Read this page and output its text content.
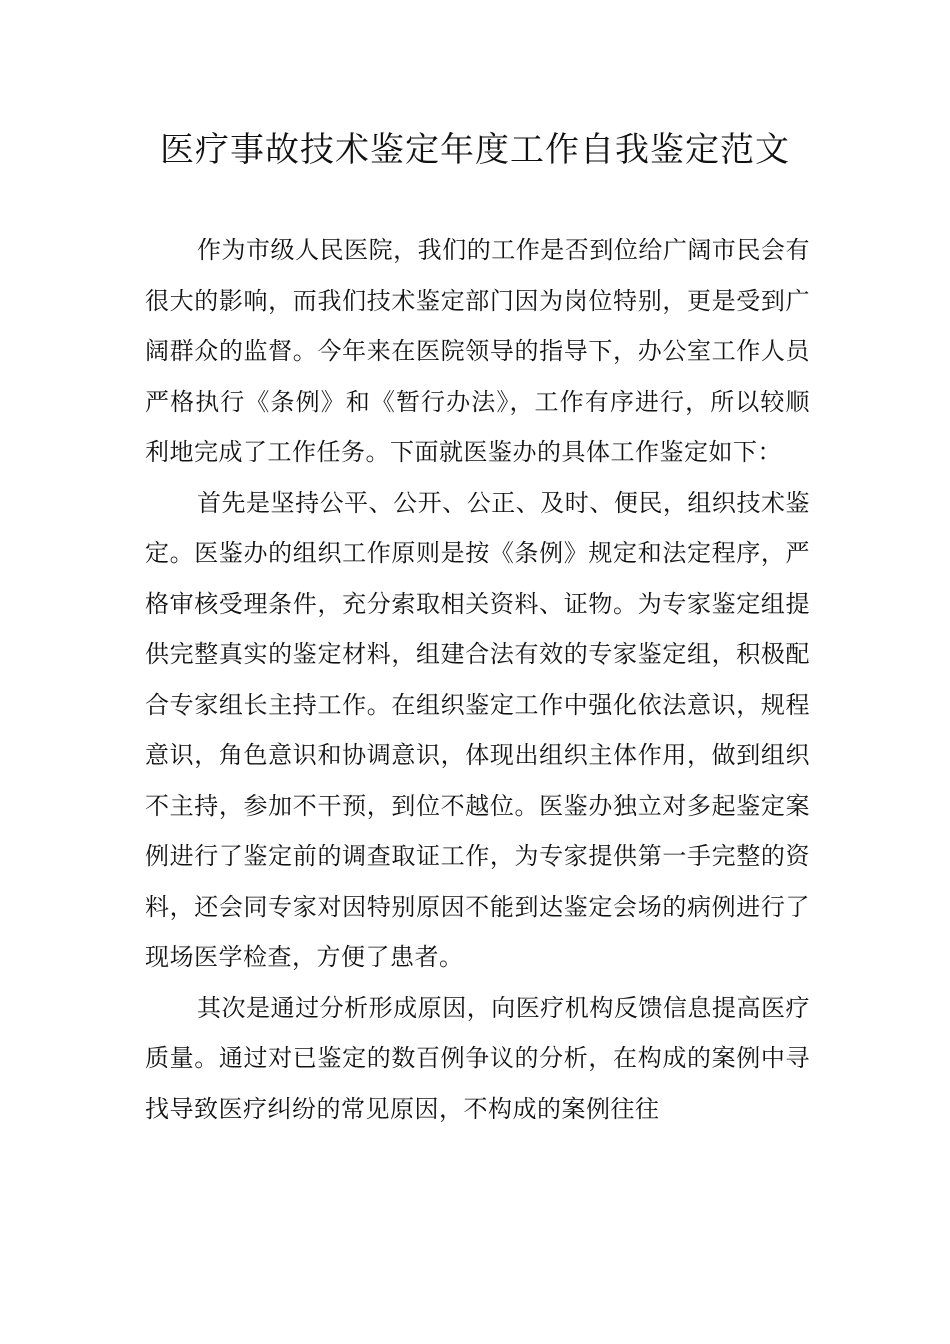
医疗事故技术鉴定年度工作自我鉴定范文

作为市级人民医院，我们的工作是否到位给广阔市民会有很大的影响，而我们技术鉴定部门因为岗位特别，更是受到广阔群众的监督。今年来在医院领导的指导下，办公室工作人员严格执行《条例》和《暂行办法》，工作有序进行，所以较顺利地完成了工作任务。下面就医鉴办的具体工作鉴定如下：

首先是坚持公平、公开、公正、及时、便民，组织技术鉴定。医鉴办的组织工作原则是按《条例》规定和法定程序，严格审核受理条件，充分索取相关资料、证物。为专家鉴定组提供完整真实的鉴定材料，组建合法有效的专家鉴定组，积极配合专家组长主持工作。在组织鉴定工作中强化依法意识，规程意识，角色意识和协调意识，体现出组织主体作用，做到组织不主持，参加不干预，到位不越位。医鉴办独立对多起鉴定案例进行了鉴定前的调查取证工作，为专家提供第一手完整的资料，还会同专家对因特别原因不能到达鉴定会场的病例进行了现场医学检查，方便了患者。

其次是通过分析形成原因，向医疗机构反馈信息提高医疗质量。通过对已鉴定的数百例争议的分析，在构成的案例中寻找导致医疗纠纷的常见原因，不构成的案例往往
